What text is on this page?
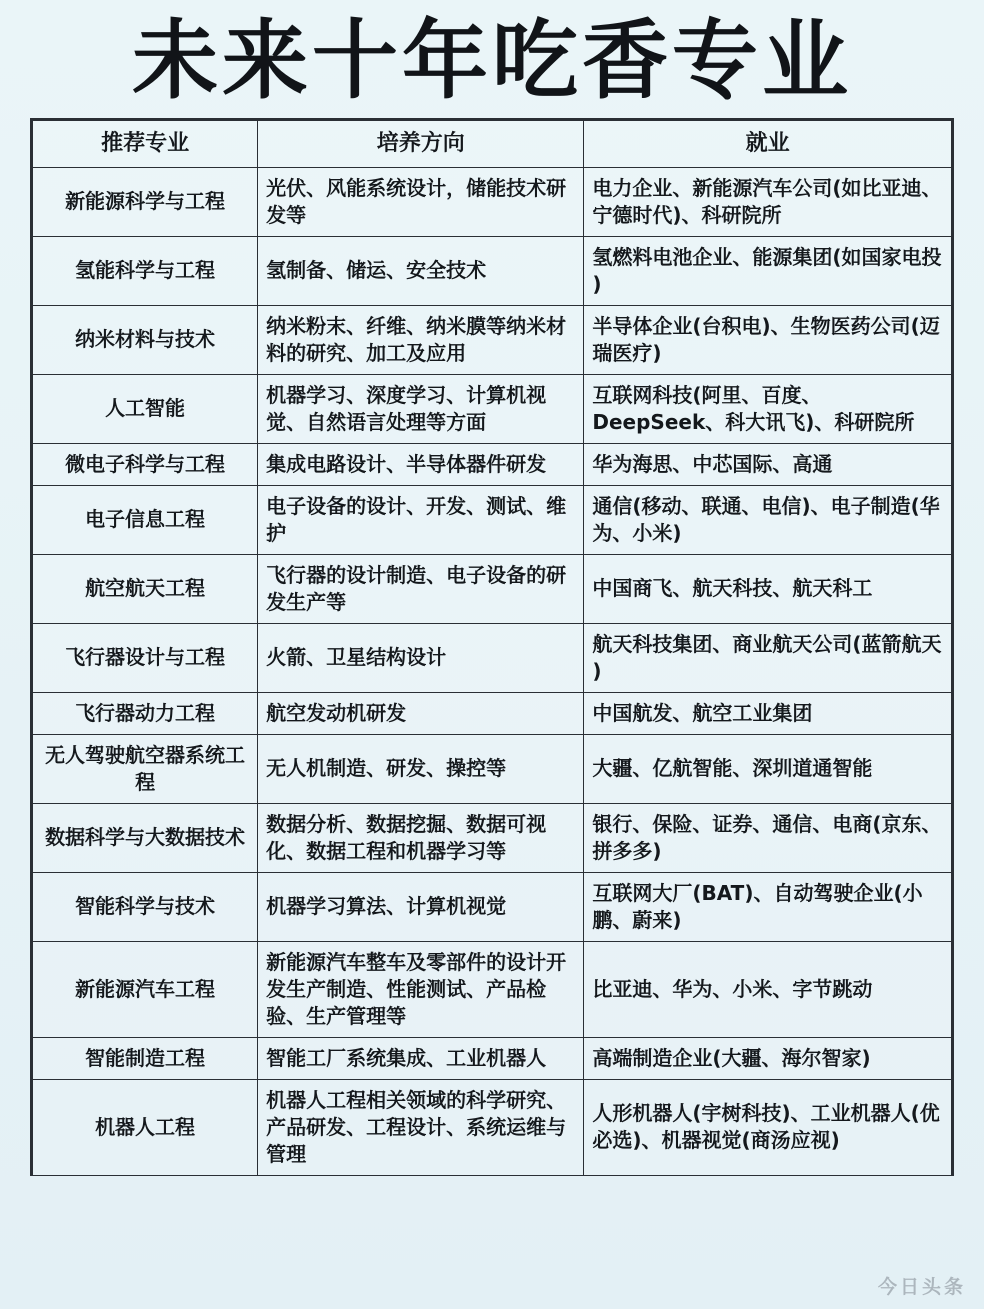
未来十年吃香专业
推荐专业	培养方向	就业
新能源科学与工程	光伏、风能系统设计，储能技术研发等	电力企业、新能源汽车公司(如比亚迪、宁德时代)、科研院所
氢能科学与工程	氢制备、储运、安全技术	氢燃料电池企业、能源集团(如国家电投 )
纳米材料与技术	纳米粉末、纤维、纳米膜等纳米材料的研究、加工及应用	半导体企业(台积电)、生物医药公司(迈瑞医疗)
人工智能	机器学习、深度学习、计算机视觉、自然语言处理等方面	互联网科技(阿里、百度、DeepSeek、科大讯飞)、科研院所
微电子科学与工程	集成电路设计、半导体器件研发	华为海思、中芯国际、高通
电子信息工程	电子设备的设计、开发、测试、维护	通信(移动、联通、电信)、电子制造(华为、小米)
航空航天工程	飞行器的设计制造、电子设备的研发生产等	中国商飞、航天科技、航天科工
飞行器设计与工程	火箭、卫星结构设计	航天科技集团、商业航天公司(蓝箭航天 )
飞行器动力工程	航空发动机研发	中国航发、航空工业集团
无人驾驶航空器系统工程	无人机制造、研发、操控等	大疆、亿航智能、深圳道通智能
数据科学与大数据技术	数据分析、数据挖掘、数据可视化、数据工程和机器学习等	银行、保险、证券、通信、电商(京东、拼多多)
智能科学与技术	机器学习算法、计算机视觉	互联网大厂(BAT)、自动驾驶企业(小鹏、蔚来)
新能源汽车工程	新能源汽车整车及零部件的设计开发生产制造、性能测试、产品检验、生产管理等	比亚迪、华为、小米、字节跳动
智能制造工程	智能工厂系统集成、工业机器人	高端制造企业(大疆、海尔智家)
机器人工程	机器人工程相关领域的科学研究、产品研发、工程设计、系统运维与管理	人形机器人(宇树科技)、工业机器人(优必选)、机器视觉(商汤应视)
今日头条
